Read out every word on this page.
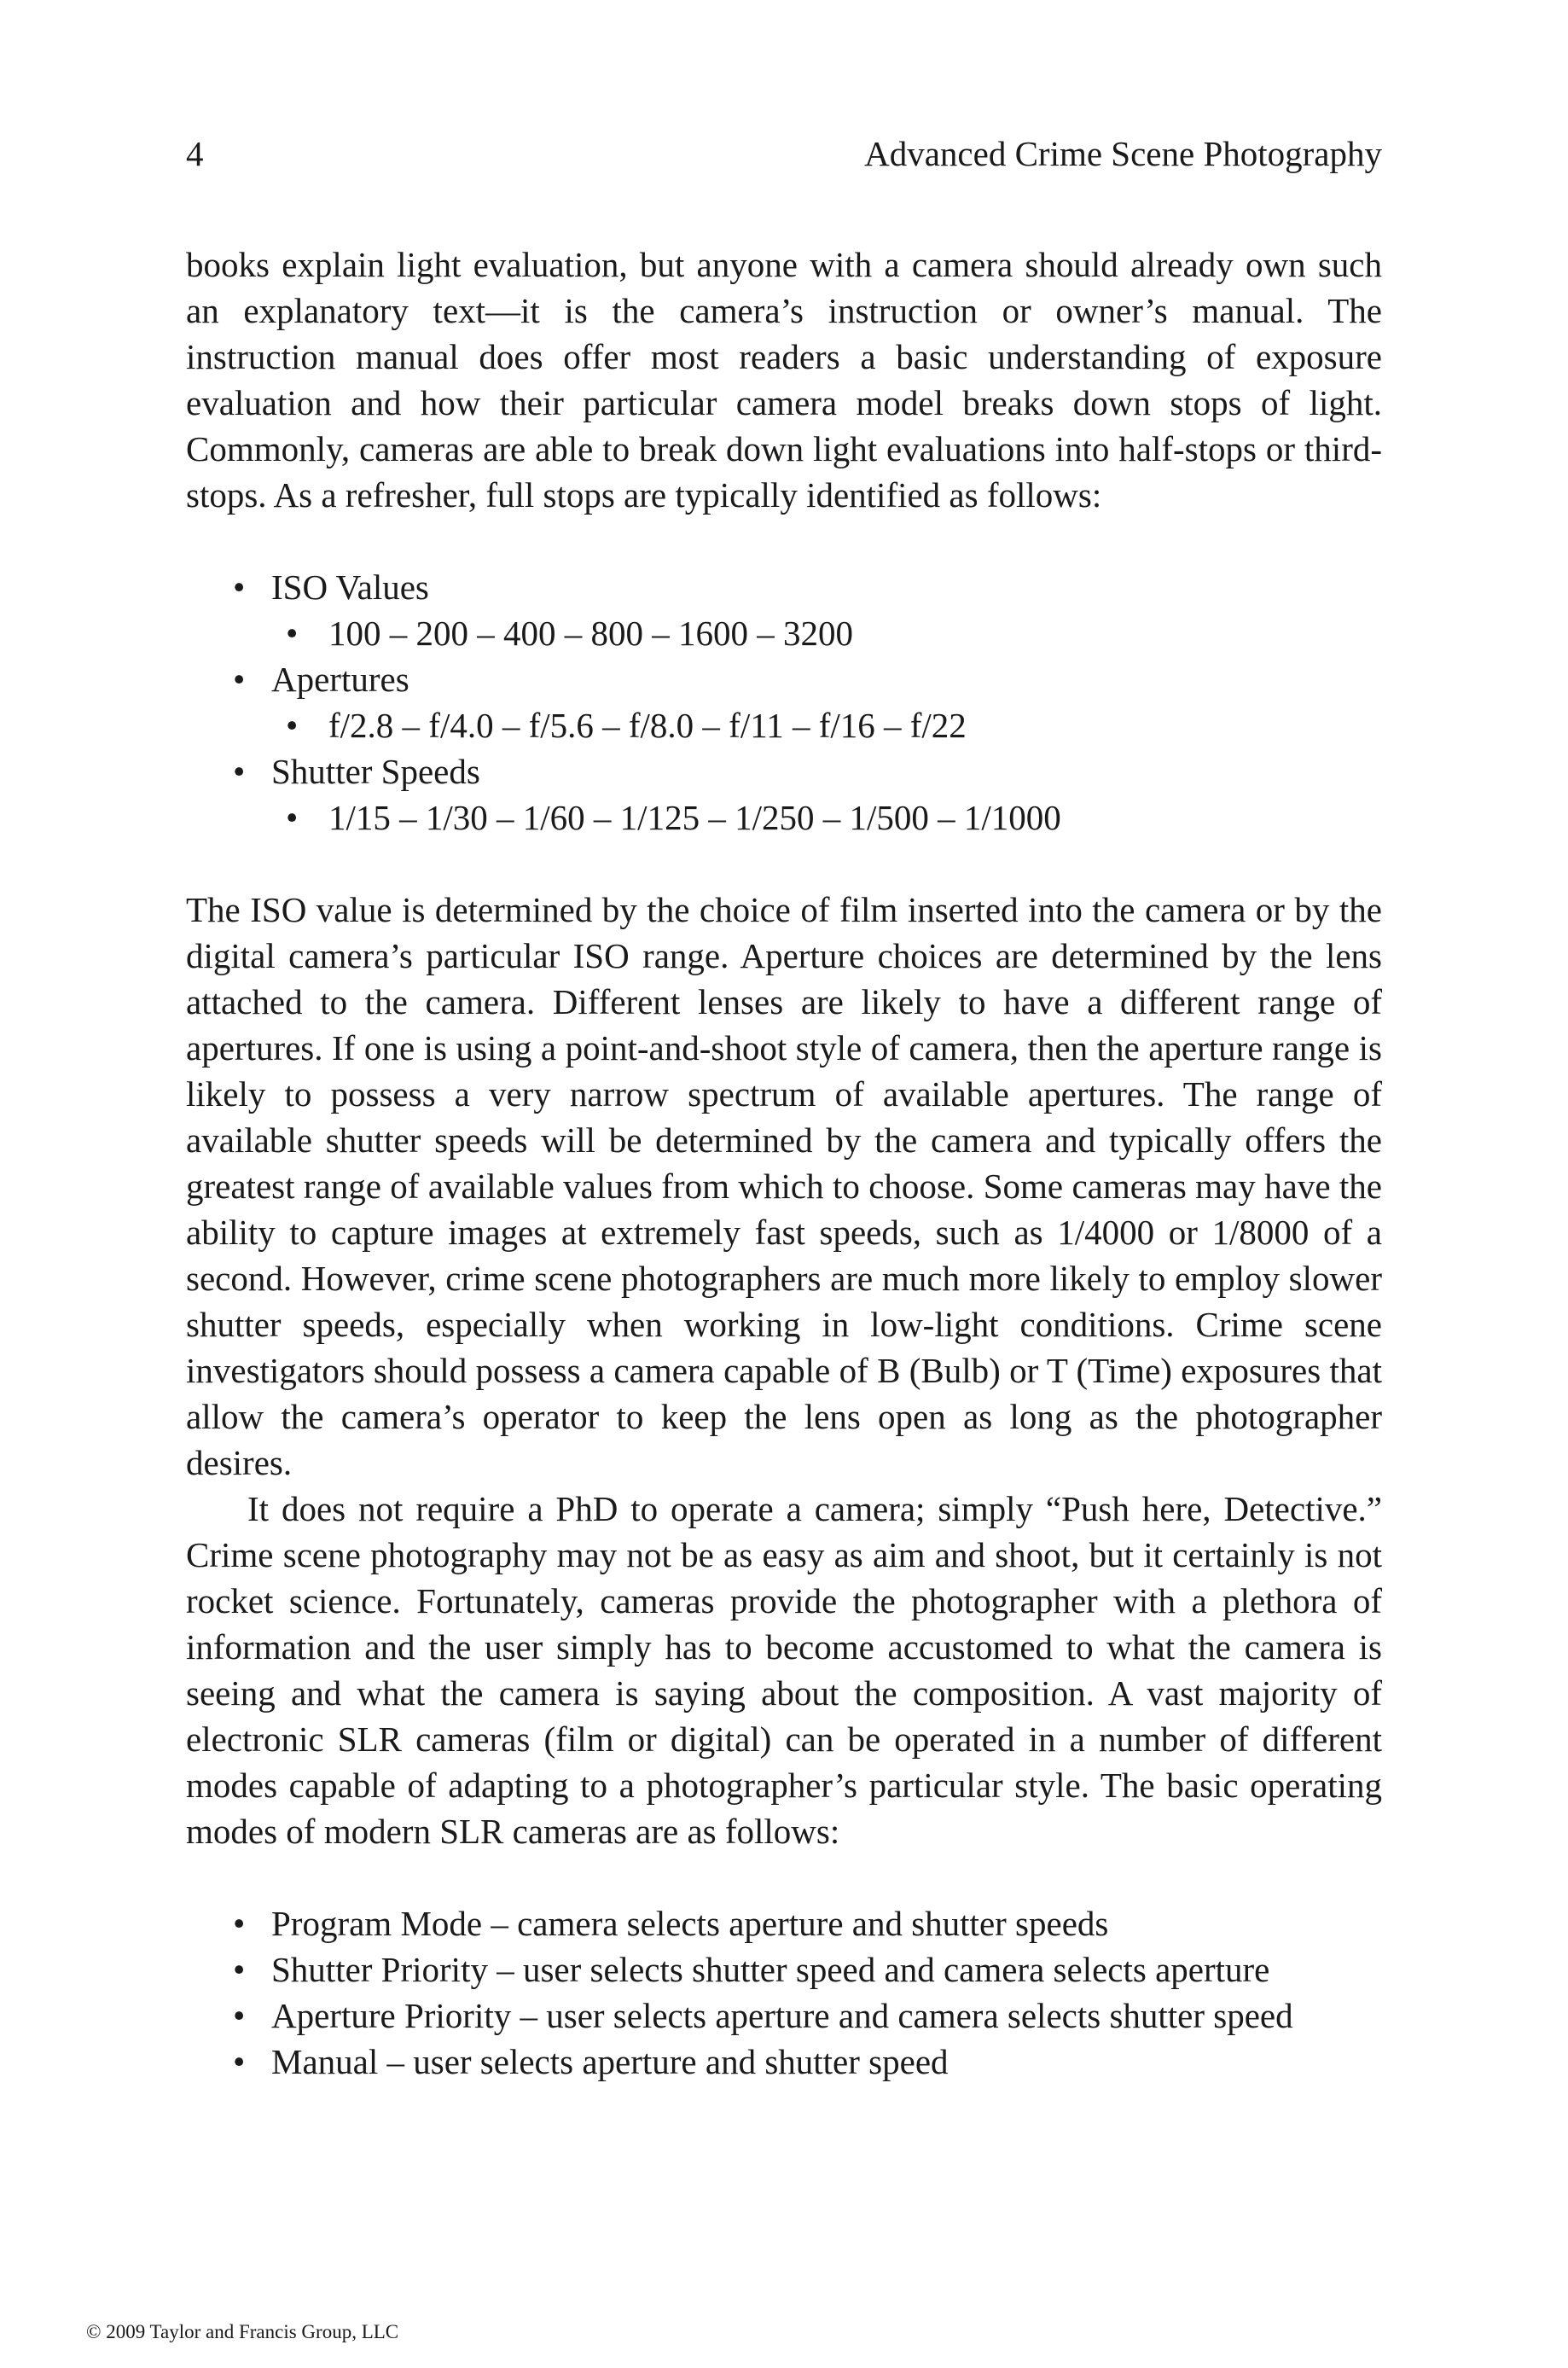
4	Advanced Crime Scene Photography

books explain light evaluation, but anyone with a camera should already own such an explanatory text—it is the camera’s instruction or owner’s manual. The instruction manual does offer most readers a basic understanding of exposure evaluation and how their particular camera model breaks down stops of light. Commonly, cameras are able to break down light evaluations into half-stops or third-stops. As a refresher, full stops are typically identified as follows:

• ISO Values
• 100 – 200 – 400 – 800 – 1600 – 3200
• Apertures
• f/2.8 – f/4.0 – f/5.6 – f/8.0 – f/11 – f/16 – f/22
• Shutter Speeds
• 1/15 – 1/30 – 1/60 – 1/125 – 1/250 – 1/500 – 1/1000

The ISO value is determined by the choice of film inserted into the camera or by the digital camera’s particular ISO range. Aperture choices are determined by the lens attached to the camera. Different lenses are likely to have a different range of apertures. If one is using a point-and-shoot style of camera, then the aperture range is likely to possess a very narrow spectrum of available apertures. The range of available shutter speeds will be determined by the camera and typically offers the greatest range of available values from which to choose. Some cameras may have the ability to capture images at extremely fast speeds, such as 1/4000 or 1/8000 of a second. However, crime scene photographers are much more likely to employ slower shutter speeds, especially when working in low-light conditions. Crime scene investigators should possess a camera capable of B (Bulb) or T (Time) exposures that allow the camera’s operator to keep the lens open as long as the photographer desires.

It does not require a PhD to operate a camera; simply “Push here, Detective.” Crime scene photography may not be as easy as aim and shoot, but it certainly is not rocket science. Fortunately, cameras provide the photographer with a plethora of information and the user simply has to become accustomed to what the camera is seeing and what the camera is saying about the composition. A vast majority of electronic SLR cameras (film or digital) can be operated in a number of different modes capable of adapting to a photographer’s particular style. The basic operating modes of modern SLR cameras are as follows:

• Program Mode – camera selects aperture and shutter speeds
• Shutter Priority – user selects shutter speed and camera selects aperture
• Aperture Priority – user selects aperture and camera selects shutter speed
• Manual – user selects aperture and shutter speed
© 2009 Taylor and Francis Group, LLC
